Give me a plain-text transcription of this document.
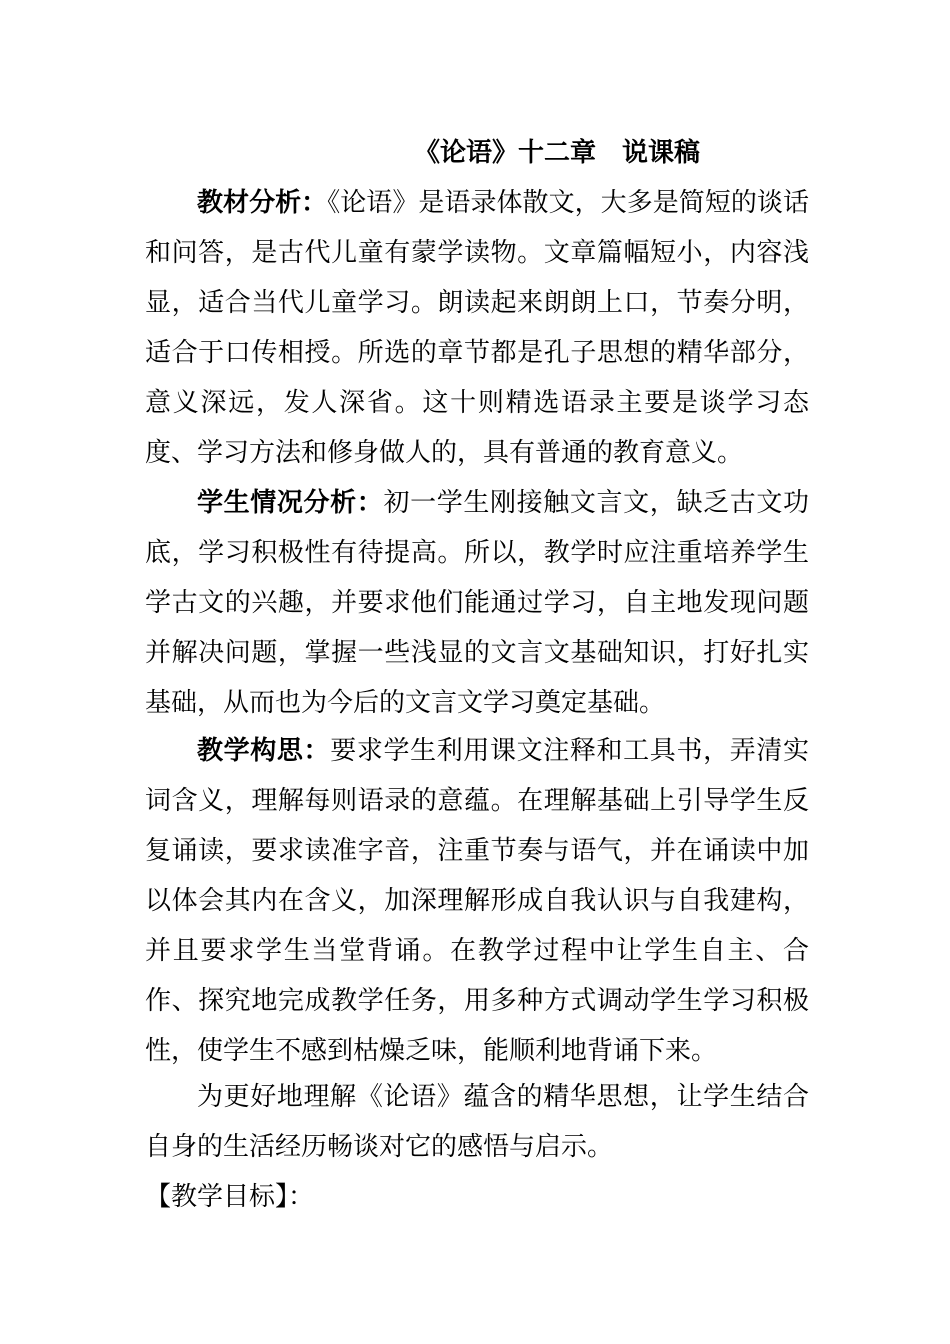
《论语》十二章　说课稿

教材分析：《论语》是语录体散文，大多是简短的谈话和问答，是古代儿童有蒙学读物。文章篇幅短小，内容浅显，适合当代儿童学习。朗读起来朗朗上口，节奏分明，适合于口传相授。所选的章节都是孔子思想的精华部分，意义深远，发人深省。这十则精选语录主要是谈学习态度、学习方法和修身做人的，具有普通的教育意义。

学生情况分析：初一学生刚接触文言文，缺乏古文功底，学习积极性有待提高。所以，教学时应注重培养学生学古文的兴趣，并要求他们能通过学习，自主地发现问题并解决问题，掌握一些浅显的文言文基础知识，打好扎实基础，从而也为今后的文言文学习奠定基础。

教学构思：要求学生利用课文注释和工具书，弄清实词含义，理解每则语录的意蕴。在理解基础上引导学生反复诵读，要求读准字音，注重节奏与语气，并在诵读中加以体会其内在含义，加深理解形成自我认识与自我建构，并且要求学生当堂背诵。在教学过程中让学生自主、合作、探究地完成教学任务，用多种方式调动学生学习积极性，使学生不感到枯燥乏味，能顺利地背诵下来。

为更好地理解《论语》蕴含的精华思想，让学生结合自身的生活经历畅谈对它的感悟与启示。

【教学目标】：
